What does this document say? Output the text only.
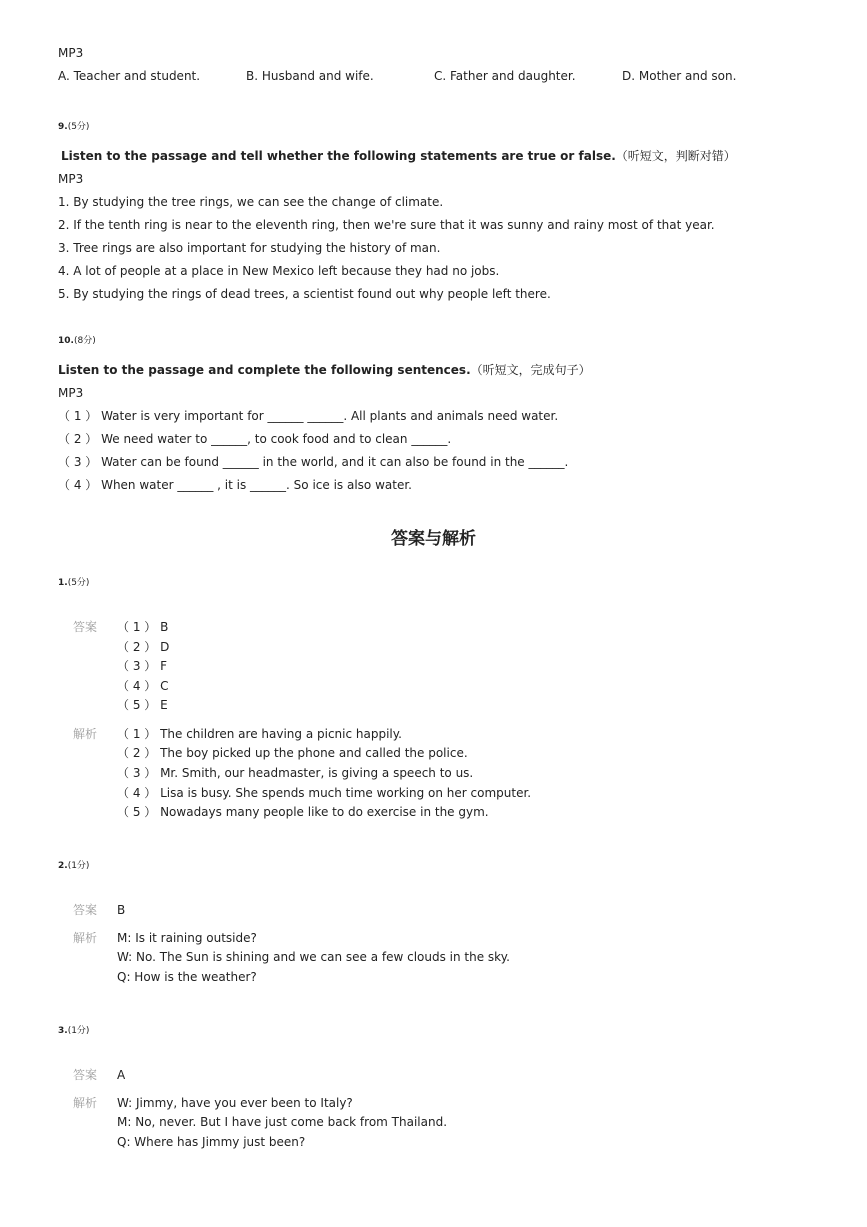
MP3
A. Teacher and student.	B. Husband and wife.	C. Father and daughter.	D. Mother and son.
9.(5分)
Listen to the passage and tell whether the following statements are true or false.（听短文，判断对错）
MP3
1. By studying the tree rings, we can see the change of climate.
2. If the tenth ring is near to the eleventh ring, then we're sure that it was sunny and rainy most of that year.
3. Tree rings are also important for studying the history of man.
4. A lot of people at a place in New Mexico left because they had no jobs.
5. By studying the rings of dead trees, a scientist found out why people left there.
10.(8分)
Listen to the passage and complete the following sentences.（听短文，完成句子）
MP3
（ 1 ） Water is very important for ______ ______. All plants and animals need water.
（ 2 ） We need water to ______, to cook food and to clean ______.
（ 3 ） Water can be found ______ in the world, and it can also be found in the ______.
（ 4 ） When water ______ , it is ______. So ice is also water.
答案与解析
1.(5分)
答案 （ 1 ） B
（ 2 ） D
（ 3 ） F
（ 4 ） C
（ 5 ） E
解析 （ 1 ） The children are having a picnic happily.
（ 2 ） The boy picked up the phone and called the police.
（ 3 ） Mr. Smith, our headmaster, is giving a speech to us.
（ 4 ） Lisa is busy. She spends much time working on her computer.
（ 5 ） Nowadays many people like to do exercise in the gym.
2.(1分)
答案 B
解析 M: Is it raining outside?
W: No. The Sun is shining and we can see a few clouds in the sky.
Q: How is the weather?
3.(1分)
答案 A
解析 W: Jimmy, have you ever been to Italy?
M: No, never. But I have just come back from Thailand.
Q: Where has Jimmy just been?
